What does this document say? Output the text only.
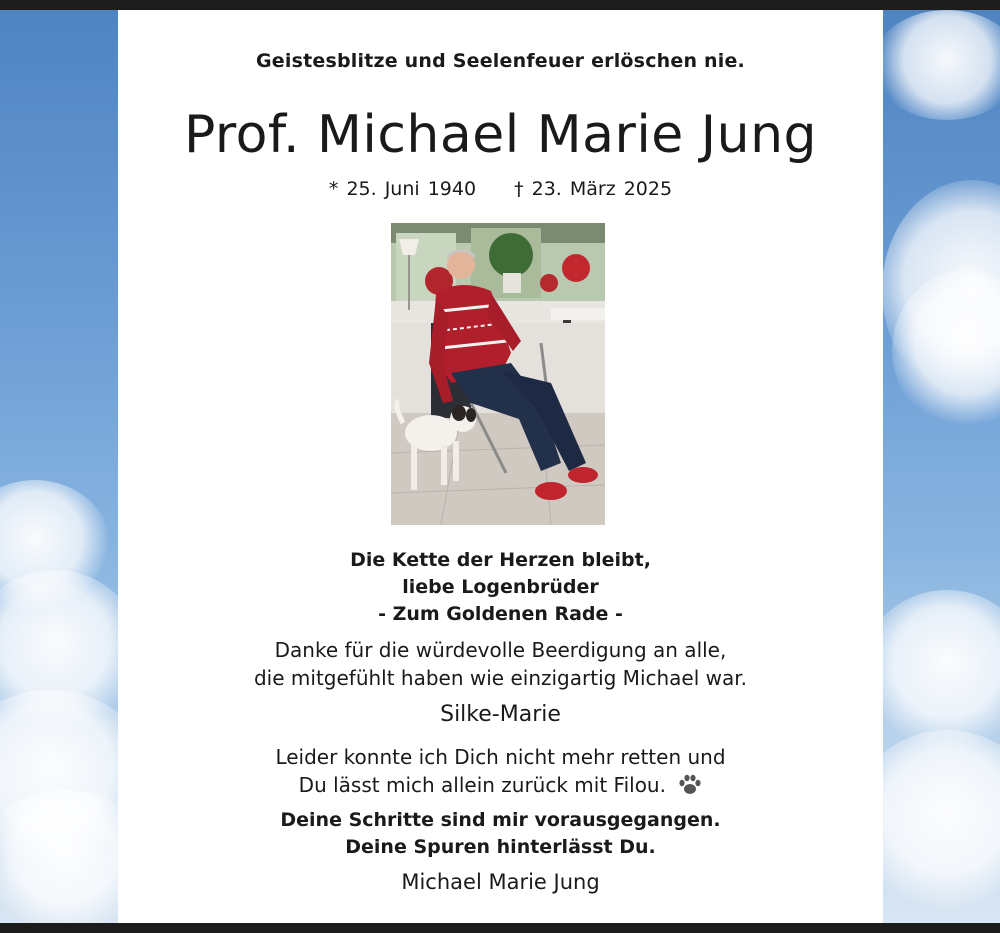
Geistesblitze und Seelenfeuer erlöschen nie.
Prof. Michael Marie Jung
* 25. Juni 1940 † 23. März 2025
Die Kette der Herzen bleibt,
liebe Logenbrüder
- Zum Goldenen Rade -
Danke für die würdevolle Beerdigung an alle,
die mitgefühlt haben wie einzigartig Michael war.
Silke-Marie
Leider konnte ich Dich nicht mehr retten und
Du lässt mich allein zurück mit Filou.
Deine Schritte sind mir vorausgegangen.
Deine Spuren hinterlässt Du.
Michael Marie Jung
